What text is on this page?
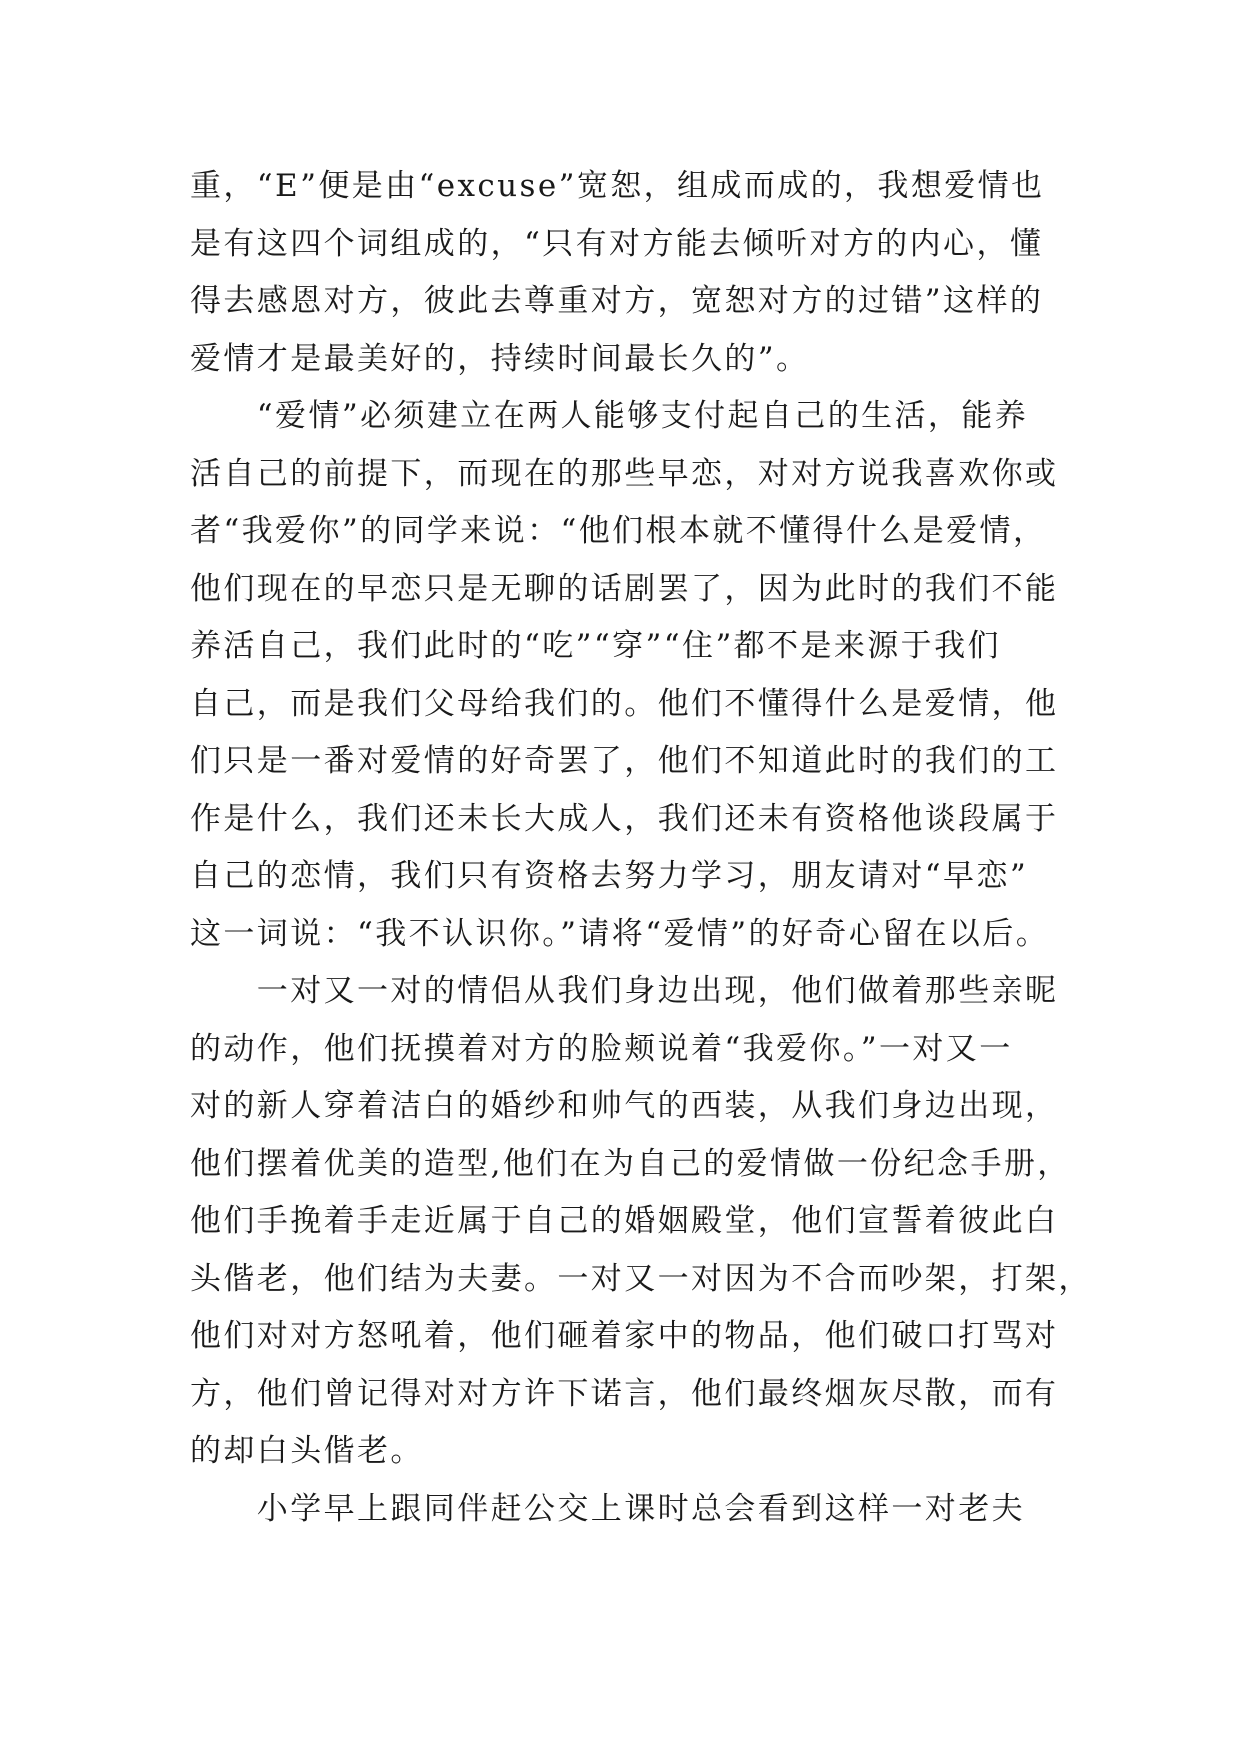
重，“E”便是由“excuse”宽恕，组成而成的，我想爱情也
是有这四个词组成的，“只有对方能去倾听对方的内心，懂
得去感恩对方，彼此去尊重对方，宽恕对方的过错”这样的
爱情才是最美好的，持续时间最长久的”。
　　“爱情”必须建立在两人能够支付起自己的生活，能养
活自己的前提下，而现在的那些早恋，对对方说我喜欢你或
者“我爱你”的同学来说：“他们根本就不懂得什么是爱情，
他们现在的早恋只是无聊的话剧罢了，因为此时的我们不能
养活自己，我们此时的“吃”“穿”“住”都不是来源于我们
自己，而是我们父母给我们的。他们不懂得什么是爱情，他
们只是一番对爱情的好奇罢了，他们不知道此时的我们的工
作是什么，我们还未长大成人，我们还未有资格他谈段属于
自己的恋情，我们只有资格去努力学习，朋友请对“早恋”
这一词说：“我不认识你。”请将“爱情”的好奇心留在以后。
　　一对又一对的情侣从我们身边出现，他们做着那些亲昵
的动作，他们抚摸着对方的脸颊说着“我爱你。”一对又一
对的新人穿着洁白的婚纱和帅气的西装，从我们身边出现，
他们摆着优美的造型,他们在为自己的爱情做一份纪念手册，
他们手挽着手走近属于自己的婚姻殿堂，他们宣誓着彼此白
头偕老，他们结为夫妻。一对又一对因为不合而吵架，打架，
他们对对方怒吼着，他们砸着家中的物品，他们破口打骂对
方，他们曾记得对对方许下诺言，他们最终烟灰尽散，而有
的却白头偕老。
　　小学早上跟同伴赶公交上课时总会看到这样一对老夫
